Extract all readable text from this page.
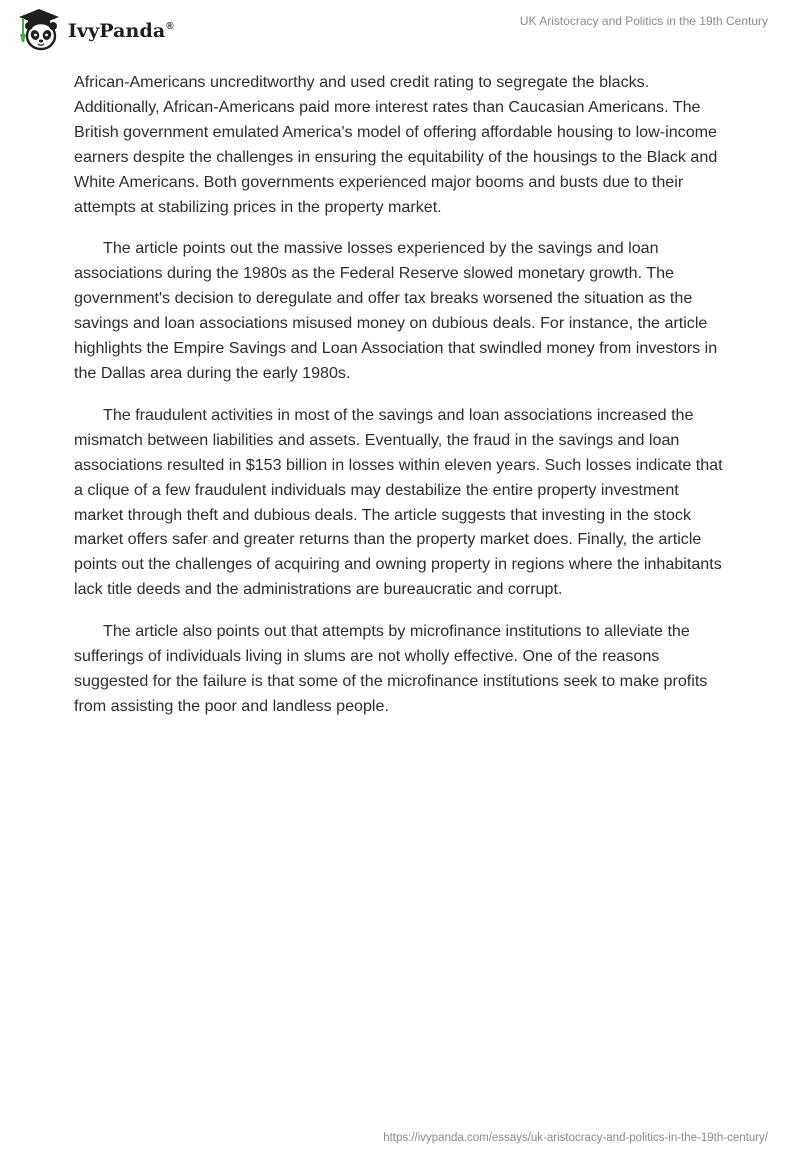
IvyPanda®	UK Aristocracy and Politics in the 19th Century

African-Americans uncreditworthy and used credit rating to segregate the blacks. Additionally, African-Americans paid more interest rates than Caucasian Americans. The British government emulated America's model of offering affordable housing to low-income earners despite the challenges in ensuring the equitability of the housings to the Black and White Americans. Both governments experienced major booms and busts due to their attempts at stabilizing prices in the property market.

The article points out the massive losses experienced by the savings and loan associations during the 1980s as the Federal Reserve slowed monetary growth. The government's decision to deregulate and offer tax breaks worsened the situation as the savings and loan associations misused money on dubious deals. For instance, the article highlights the Empire Savings and Loan Association that swindled money from investors in the Dallas area during the early 1980s.

The fraudulent activities in most of the savings and loan associations increased the mismatch between liabilities and assets. Eventually, the fraud in the savings and loan associations resulted in $153 billion in losses within eleven years. Such losses indicate that a clique of a few fraudulent individuals may destabilize the entire property investment market through theft and dubious deals. The article suggests that investing in the stock market offers safer and greater returns than the property market does. Finally, the article points out the challenges of acquiring and owning property in regions where the inhabitants lack title deeds and the administrations are bureaucratic and corrupt.

The article also points out that attempts by microfinance institutions to alleviate the sufferings of individuals living in slums are not wholly effective. One of the reasons suggested for the failure is that some of the microfinance institutions seek to make profits from assisting the poor and landless people.

https://ivypanda.com/essays/uk-aristocracy-and-politics-in-the-19th-century/
